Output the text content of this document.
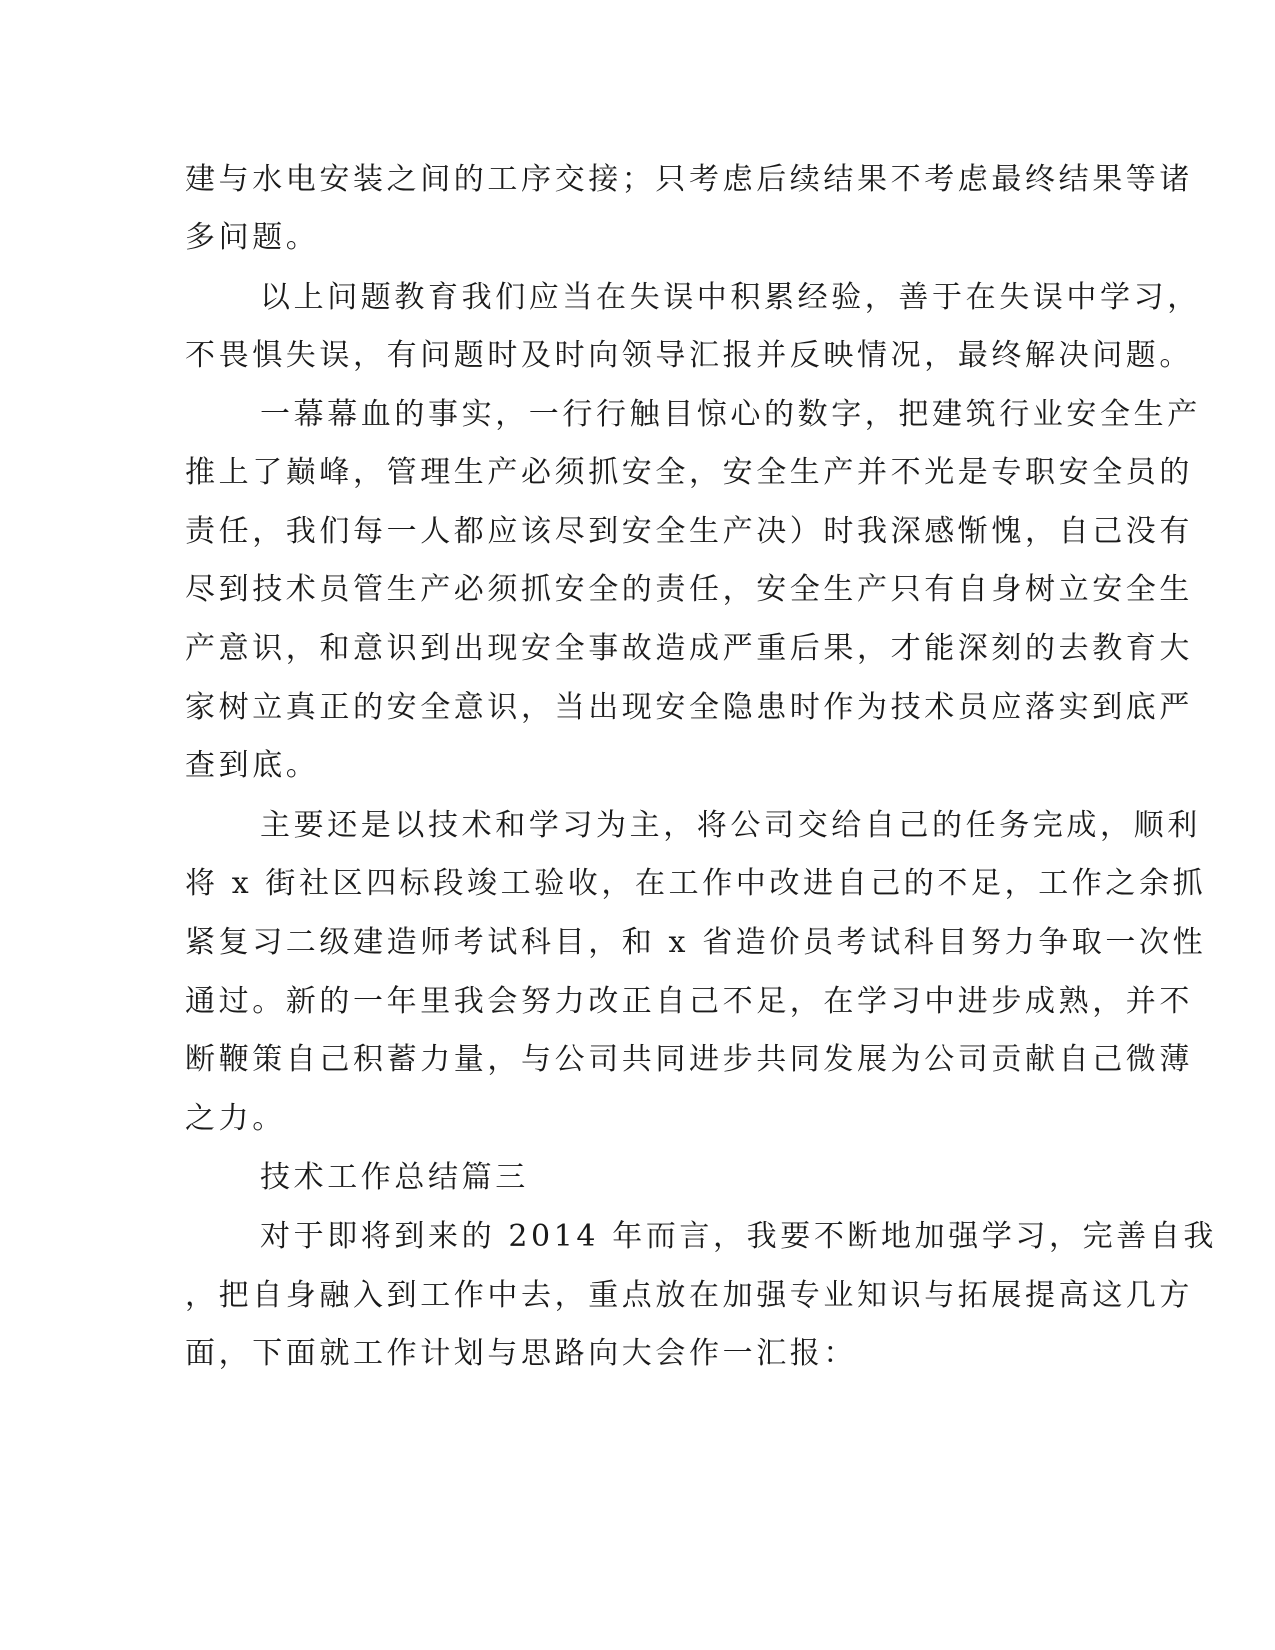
建与水电安装之间的工序交接；只考虑后续结果不考虑最终结果等诸
多问题。
以上问题教育我们应当在失误中积累经验，善于在失误中学习，
不畏惧失误，有问题时及时向领导汇报并反映情况，最终解决问题。
一幕幕血的事实，一行行触目惊心的数字，把建筑行业安全生产
推上了巅峰，管理生产必须抓安全，安全生产并不光是专职安全员的
责任，我们每一人都应该尽到安全生产决）时我深感惭愧，自己没有
尽到技术员管生产必须抓安全的责任，安全生产只有自身树立安全生
产意识，和意识到出现安全事故造成严重后果，才能深刻的去教育大
家树立真正的安全意识，当出现安全隐患时作为技术员应落实到底严
查到底。
主要还是以技术和学习为主，将公司交给自己的任务完成，顺利
将 x 街社区四标段竣工验收，在工作中改进自己的不足，工作之余抓
紧复习二级建造师考试科目，和 x 省造价员考试科目努力争取一次性
通过。新的一年里我会努力改正自己不足，在学习中进步成熟，并不
断鞭策自己积蓄力量，与公司共同进步共同发展为公司贡献自己微薄
之力。
技术工作总结篇三
对于即将到来的 2014 年而言，我要不断地加强学习，完善自我
，把自身融入到工作中去，重点放在加强专业知识与拓展提高这几方
面，下面就工作计划与思路向大会作一汇报：
